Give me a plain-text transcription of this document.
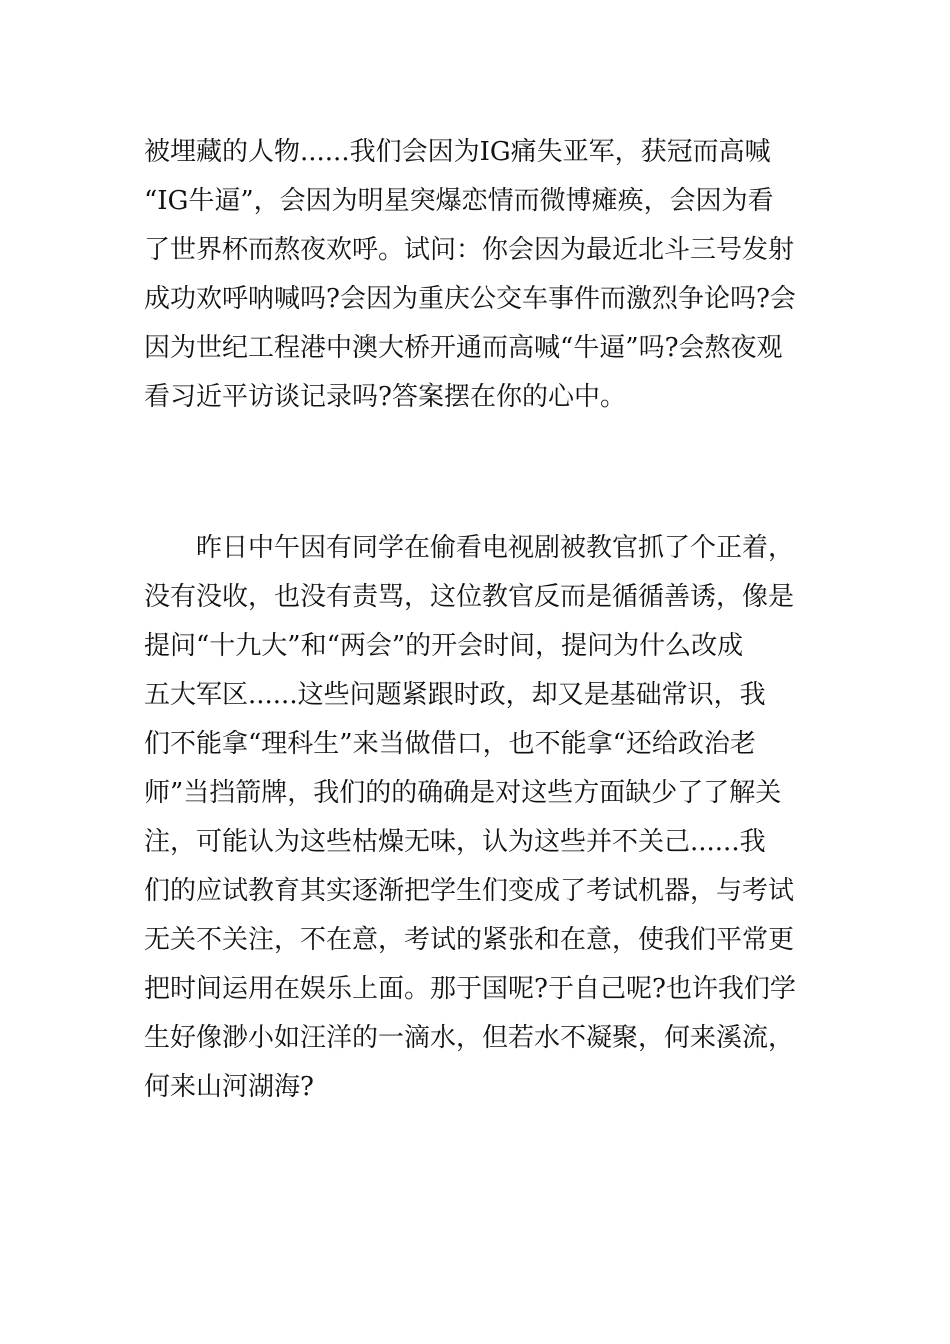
被埋藏的人物......我们会因为IG痛失亚军，获冠而高喊
“IG牛逼”，会因为明星突爆恋情而微博瘫痪，会因为看
了世界杯而熬夜欢呼。试问：你会因为最近北斗三号发射
成功欢呼呐喊吗?会因为重庆公交车事件而激烈争论吗?会
因为世纪工程港中澳大桥开通而高喊“牛逼”吗?会熬夜观
看习近平访谈记录吗?答案摆在你的心中。
　　昨日中午因有同学在偷看电视剧被教官抓了个正着，
没有没收，也没有责骂，这位教官反而是循循善诱，像是
提问“十九大”和“两会”的开会时间，提问为什么改成
五大军区......这些问题紧跟时政，却又是基础常识，我
们不能拿“理科生”来当做借口，也不能拿“还给政治老
师”当挡箭牌，我们的的确确是对这些方面缺少了了解关
注，可能认为这些枯燥无味，认为这些并不关己......我
们的应试教育其实逐渐把学生们变成了考试机器，与考试
无关不关注，不在意，考试的紧张和在意，使我们平常更
把时间运用在娱乐上面。那于国呢?于自己呢?也许我们学
生好像渺小如汪洋的一滴水，但若水不凝聚，何来溪流，
何来山河湖海?
